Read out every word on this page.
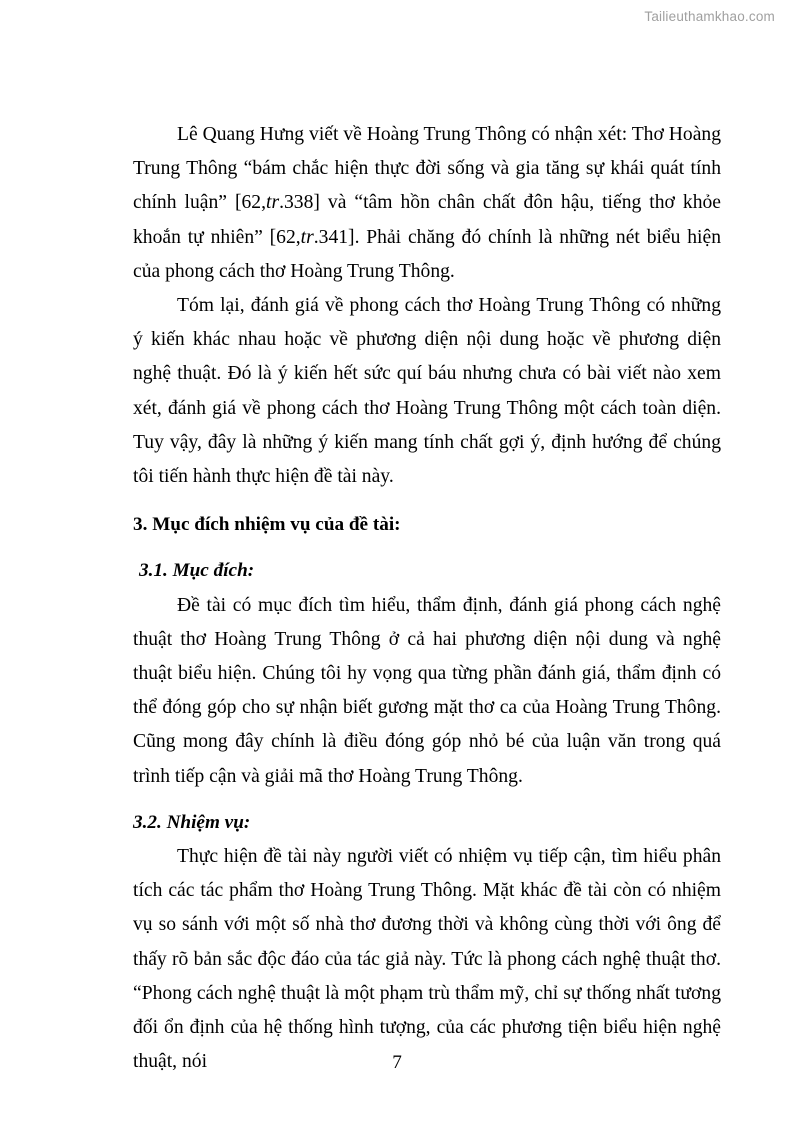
Tailieuthamkhao.com

Lê Quang Hưng viết về Hoàng Trung Thông có nhận xét: Thơ Hoàng Trung Thông “bám chắc hiện thực đời sống và gia tăng sự khái quát tính chính luận” [62,tr.338] và “tâm hồn chân chất đôn hậu, tiếng thơ khỏe khoắn tự nhiên” [62,tr.341]. Phải chăng đó chính là những nét biểu hiện của phong cách thơ Hoàng Trung Thông.

Tóm lại, đánh giá về phong cách thơ Hoàng Trung Thông có những ý kiến khác nhau hoặc về phương diện nội dung hoặc về phương diện nghệ thuật. Đó là ý kiến hết sức quí báu nhưng chưa có bài viết nào xem xét, đánh giá về phong cách thơ Hoàng Trung Thông một cách toàn diện. Tuy vậy, đây là những ý kiến mang tính chất gợi ý, định hướng để chúng tôi tiến hành thực hiện đề tài này.

3. Mục đích nhiệm vụ của đề tài:
3.1. Mục đích:

Đề tài có mục đích tìm hiểu, thẩm định, đánh giá phong cách nghệ thuật thơ Hoàng Trung Thông ở cả hai phương diện nội dung và nghệ thuật biểu hiện. Chúng tôi hy vọng qua từng phần đánh giá, thẩm định có thể đóng góp cho sự nhận biết gương mặt thơ ca của Hoàng Trung Thông. Cũng mong đây chính là điều đóng góp nhỏ bé của luận văn trong quá trình tiếp cận và giải mã thơ Hoàng Trung Thông.

3.2. Nhiệm vụ:

Thực hiện đề tài này người viết có nhiệm vụ tiếp cận, tìm hiểu phân tích các tác phẩm thơ Hoàng Trung Thông. Mặt khác đề tài còn có nhiệm vụ so sánh với một số nhà thơ đương thời và không cùng thời với ông để thấy rõ bản sắc độc đáo của tác giả này. Tức là phong cách nghệ thuật thơ. “Phong cách nghệ thuật là một phạm trù thẩm mỹ, chỉ sự thống nhất tương đối ổn định của hệ thống hình tượng, của các phương tiện biểu hiện nghệ thuật, nói	7
